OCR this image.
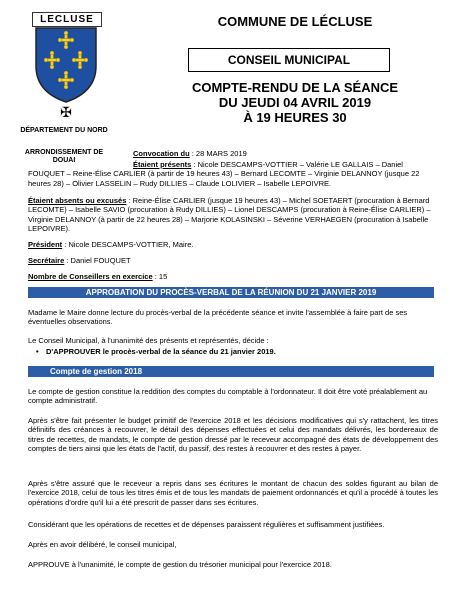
LECLUSE
✠
DÉPARTEMENT DU NORD
ARRONDISSEMENT DE DOUAI
COMMUNE DE LÉCLUSE
CONSEIL MUNICIPAL
COMPTE-RENDU DE LA SÉANCE
DU JEUDI 04 AVRIL 2019
À 19 HEURES 30
Convocation du : 28 MARS 2019
Étaient présents : Nicole DESCAMPS-VOTTIER – Valérie LE GALLAIS – Daniel FOUQUET – Reine-Élise CARLIER (à partir de 19 heures 43) – Bernard LECOMTE – Virginie DELANNOY (jusque 22 heures 28) – Olivier LASSELIN – Rudy DILLIES – Claude LOLIVIER – Isabelle LEPOIVRE.
Étaient absents ou excusés : Reine-Élise CARLIER (jusque 19 heures 43) – Michel SOETAERT (procuration à Bernard LECOMTE) – Isabelle SAVIO (procuration à Rudy DILLIES) – Lionel DESCAMPS (procuration à Reine-Élise CARLIER) – Virginie DELANNOY (à partir de 22 heures 28) – Marjorie KOLASINSKI – Séverine VERHAEGEN (procuration à Isabelle LEPOIVRE).
Président : Nicole DESCAMPS-VOTTIER, Maire.
Secrétaire : Daniel FOUQUET
Nombre de Conseillers en exercice : 15
APPROBATION DU PROCÈS-VERBAL DE LA RÉUNION DU 21 JANVIER 2019
Madame le Maire donne lecture du procès-verbal de la précédente séance et invite l'assemblée à faire part de ses éventuelles observations.
Le Conseil Municipal, à l'unanimité des présents et représentés, décide :
• D'APPROUVER le procès-verbal de la séance du 21 janvier 2019.
Compte de gestion 2018
Le compte de gestion constitue la reddition des comptes du comptable à l'ordonnateur. Il doit être voté préalablement au compte administratif.
Après s'être fait présenter le budget primitif de l'exercice 2018 et les décisions modificatives qui s'y rattachent, les titres définitifs des créances à recouvrer, le détail des dépenses effectuées et celui des mandats délivrés, les bordereaux de titres de recettes, de mandats, le compte de gestion dressé par le receveur accompagné des états de développement des comptes de tiers ainsi que les états de l'actif, du passif, des restes à recouvrer et des restes à payer.
Après s'être assuré que le receveur a repris dans ses écritures le montant de chacun des soldes figurant au bilan de l'exercice 2018, celui de tous les titres émis et de tous les mandats de paiement ordonnancés et qu'il a procédé à toutes les opérations d'ordre qu'il lui a été prescrit de passer dans ses écritures.
Considérant que les opérations de recettes et de dépenses paraissent régulières et suffisamment justifiées.
Après en avoir délibéré, le conseil municipal,
APPROUVE à l'unanimité, le compte de gestion du trésorier municipal pour l'exercice 2018.
